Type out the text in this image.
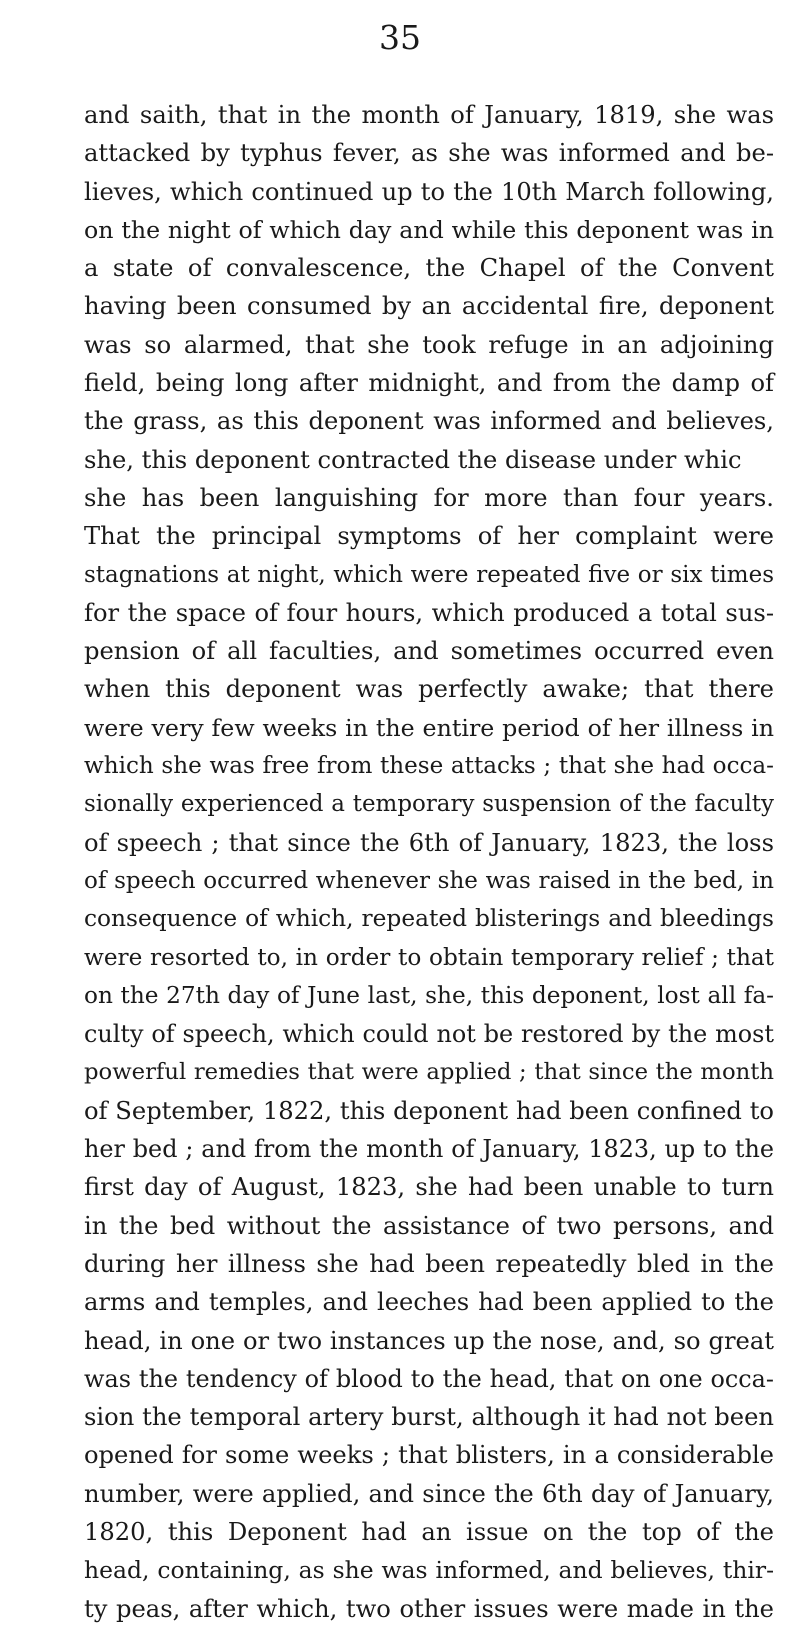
35
and saith, that in the month of January, 1819, she was
attacked by typhus fever, as she was informed and be-
lieves, which continued up to the 10th March following,
on the night of which day and while this deponent was in
a state of convalescence, the Chapel of the Convent
having been consumed by an accidental fire, deponent
was so alarmed, that she took refuge in an adjoining
field, being long after midnight, and from the damp of
the grass, as this deponent was informed and believes,
she, this deponent contracted the disease under whic
she has been languishing for more than four years.
That the principal symptoms of her complaint were
stagnations at night, which were repeated five or six times
for the space of four hours, which produced a total sus-
pension of all faculties, and sometimes occurred even
when this deponent was perfectly awake; that there
were very few weeks in the entire period of her illness in
which she was free from these attacks ; that she had occa-
sionally experienced a temporary suspension of the faculty
of speech ; that since the 6th of January, 1823, the loss
of speech occurred whenever she was raised in the bed, in
consequence of which, repeated blisterings and bleedings
were resorted to, in order to obtain temporary relief ; that
on the 27th day of June last, she, this deponent, lost all fa-
culty of speech, which could not be restored by the most
powerful remedies that were applied ; that since the month
of September, 1822, this deponent had been confined to
her bed ; and from the month of January, 1823, up to the
first day of August, 1823, she had been unable to turn
in the bed without the assistance of two persons, and
during her illness she had been repeatedly bled in the
arms and temples, and leeches had been applied to the
head, in one or two instances up the nose, and, so great
was the tendency of blood to the head, that on one occa-
sion the temporal artery burst, although it had not been
opened for some weeks ; that blisters, in a considerable
number, were applied, and since the 6th day of January,
1820, this Deponent had an issue on the top of the
head, containing, as she was informed, and believes, thir-
ty peas, after which, two other issues were made in the
